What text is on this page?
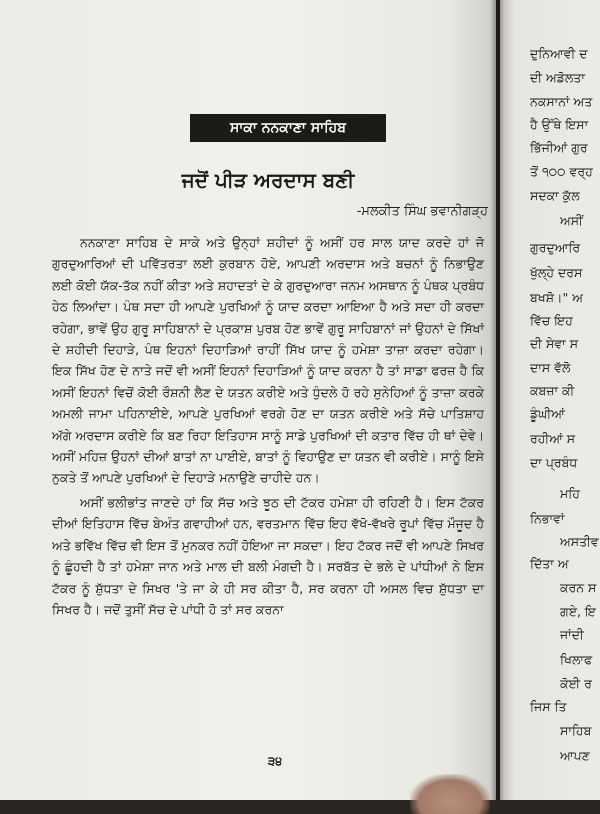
ਸਾਕਾ ਨਨਕਾਣਾ ਸਾਹਿਬ
ਜਦੋਂ ਪੀੜ ਅਰਦਾਸ ਬਣੀ
-ਮਲਕੀਤ ਸਿੰਘ ਭਵਾਨੀਗੜ੍ਹ

ਨਨਕਾਣਾ ਸਾਹਿਬ ਦੇ ਸਾਕੇ ਅਤੇ ਉਨ੍ਹਾਂ ਸ਼ਹੀਦਾਂ ਨੂੰ ਅਸੀਂ ਹਰ ਸਾਲ ਯਾਦ ਕਰਦੇ ਹਾਂ ਜੋ ਗੁਰਦੁਆਰਿਆਂ ਦੀ ਪਵਿੱਤਰਤਾ ਲਈ ਕੁਰਬਾਨ ਹੋਏ, ਆਪਣੀ ਅਰਦਾਸ ਅਤੇ ਬਚਨਾਂ ਨੂੰ ਨਿਭਾਉਣ ਲਈ ਕੋਈ ਯੱਕ-ਤੱਕ ਨਹੀਂ ਕੀਤਾ ਅਤੇ ਸ਼ਹਾਦਤਾਂ ਦੇ ਕੇ ਗੁਰਦੁਆਰਾ ਜਨਮ ਅਸਥਾਨ ਨੂੰ ਪੰਥਕ ਪ੍ਰਬੰਧ ਹੇਠ ਲਿਆਂਦਾ। ਪੰਥ ਸਦਾ ਹੀ ਆਪਣੇ ਪੁਰਖਿਆਂ ਨੂੰ ਯਾਦ ਕਰਦਾ ਆਇਆ ਹੈ ਅਤੇ ਸਦਾ ਹੀ ਕਰਦਾ ਰਹੇਗਾ, ਭਾਵੇਂ ਉਹ ਗੁਰੂ ਸਾਹਿਬਾਨਾਂ ਦੇ ਪ੍ਰਕਾਸ਼ ਪੁਰਬ ਹੋਣ ਭਾਵੇਂ ਗੁਰੂ ਸਾਹਿਬਾਨਾਂ ਜਾਂ ਉਹਨਾਂ ਦੇ ਸਿੱਖਾਂ ਦੇ ਸ਼ਹੀਦੀ ਦਿਹਾੜੇ, ਪੰਥ ਇਹਨਾਂ ਦਿਹਾੜਿਆਂ ਰਾਹੀਂ ਸਿੱਖ ਯਾਦ ਨੂੰ ਹਮੇਸ਼ਾ ਤਾਜ਼ਾ ਕਰਦਾ ਰਹੇਗਾ। ਇਕ ਸਿੱਖ ਹੋਣ ਦੇ ਨਾਤੇ ਜਦੋਂ ਵੀ ਅਸੀਂ ਇਹਨਾਂ ਦਿਹਾੜਿਆਂ ਨੂੰ ਯਾਦ ਕਰਨਾ ਹੈ ਤਾਂ ਸਾਡਾ ਫਰਜ਼ ਹੈ ਕਿ ਅਸੀਂ ਇਹਨਾਂ ਵਿਚੋਂ ਕੋਈ ਰੌਸ਼ਨੀ ਲੈਣ ਦੇ ਯਤਨ ਕਰੀਏ ਅਤੇ ਧੁੰਦਲੇ ਹੋ ਰਹੇ ਸੁਨੇਹਿਆਂ ਨੂੰ ਤਾਜ਼ਾ ਕਰਕੇ ਅਮਲੀ ਜਾਮਾ ਪਹਿਨਾਈਏ, ਆਪਣੇ ਪੁਰਖਿਆਂ ਵਰਗੇ ਹੋਣ ਦਾ ਯਤਨ ਕਰੀਏ ਅਤੇ ਸੱਚੇ ਪਾਤਿਸ਼ਾਹ ਅੱਗੇ ਅਰਦਾਸ ਕਰੀਏ ਕਿ ਬਣ ਰਿਹਾ ਇਤਿਹਾਸ ਸਾਨੂੰ ਸਾਡੇ ਪੁਰਖਿਆਂ ਦੀ ਕਤਾਰ ਵਿੱਚ ਹੀ ਥਾਂ ਦੇਵੇ। ਅਸੀਂ ਮਹਿਜ਼ ਉਹਨਾਂ ਦੀਆਂ ਬਾਤਾਂ ਨਾ ਪਾਈਏ, ਬਾਤਾਂ ਨੂੰ ਵਿਹਾਉਣ ਦਾ ਯਤਨ ਵੀ ਕਰੀਏ। ਸਾਨੂੰ ਇਸੇ ਨੁਕਤੇ ਤੋਂ ਆਪਣੇ ਪੁਰਖਿਆਂ ਦੇ ਦਿਹਾੜੇ ਮਨਾਉਣੇ ਚਾਹੀਦੇ ਹਨ।

ਅਸੀਂ ਭਲੀਭਾਂਤ ਜਾਣਦੇ ਹਾਂ ਕਿ ਸੱਚ ਅਤੇ ਝੂਠ ਦੀ ਟੱਕਰ ਹਮੇਸ਼ਾ ਹੀ ਰਹਿਣੀ ਹੈ। ਇਸ ਟੱਕਰ ਦੀਆਂ ਇਤਿਹਾਸ ਵਿੱਚ ਬੇਅੰਤ ਗਵਾਹੀਆਂ ਹਨ, ਵਰਤਮਾਨ ਵਿੱਚ ਇਹ ਵੱਖੋ-ਵੱਖਰੇ ਰੂਪਾਂ ਵਿੱਚ ਮੌਜੂਦ ਹੈ ਅਤੇ ਭਵਿੱਖ ਵਿੱਚ ਵੀ ਇਸ ਤੋਂ ਮੁਨਕਰ ਨਹੀਂ ਹੋਇਆ ਜਾ ਸਕਦਾ। ਇਹ ਟੱਕਰ ਜਦੋਂ ਵੀ ਆਪਣੇ ਸਿਖਰ ਨੂੰ ਛੂੰਹਦੀ ਹੈ ਤਾਂ ਹਮੇਸ਼ਾ ਜਾਨ ਅਤੇ ਮਾਲ ਦੀ ਬਲੀ ਮੰਗਦੀ ਹੈ। ਸਰਬੱਤ ਦੇ ਭਲੇ ਦੇ ਪਾਂਧੀਆਂ ਨੇ ਇਸ ਟੱਕਰ ਨੂੰ ਸ਼ੁੱਧਤਾ ਦੇ ਸਿਖਰ 'ਤੇ ਜਾ ਕੇ ਹੀ ਸਰ ਕੀਤਾ ਹੈ, ਸਰ ਕਰਨਾ ਹੀ ਅਸਲ ਵਿਚ ਸ਼ੁੱਧਤਾ ਦਾ ਸਿਖਰ ਹੈ। ਜਦੋਂ ਤੁਸੀਂ ਸੱਚ ਦੇ ਪਾਂਧੀ ਹੋ ਤਾਂ ਸਰ ਕਰਨਾ

੩੪
ਦੁਨਿਆਵੀ ਦ
ਦੀ ਅਡੋਲਤਾ
ਨਕਸਾਨਾਂ ਅਤ
ਹੈ ਉੱਥੇ ਇਸਾ
ਭਿੱਜੀਆਂ ਗੁਰ
ਤੋਂ ੧੦੦ ਵਰ੍ਹ
ਸਦਕਾ ਕੁੱਲ
ਅਸੀਂ
ਗੁਰਦੁਆਰਿ
ਖੁੱਲ੍ਹੇ ਦਰਸ
ਬਖਸ਼ੋ।" ਅ
ਵਿੱਚ ਇਹ
ਦੀ ਸੇਵਾ ਸ
ਦਾਸ ਵੱਲੋ
ਕਬਜ਼ਾ ਕੀ
ਡੂੰਘੀਆਂ
ਰਹੀਆਂ ਸ
ਦਾ ਪ੍ਰਬੰਧ
ਮਹਿ
ਨਿਭਾਵਾਂ
ਅਸਤੀਵ
ਦਿੱਤਾ ਅ
ਕਰਨ ਸ
ਗਏ, ਇ
ਜਾਂਦੀ
ਖਿਲਾਫ
ਕੋਈ ਰ
ਜਿਸ ਤਿ
ਸਾਹਿਬ
ਆਪਣ
